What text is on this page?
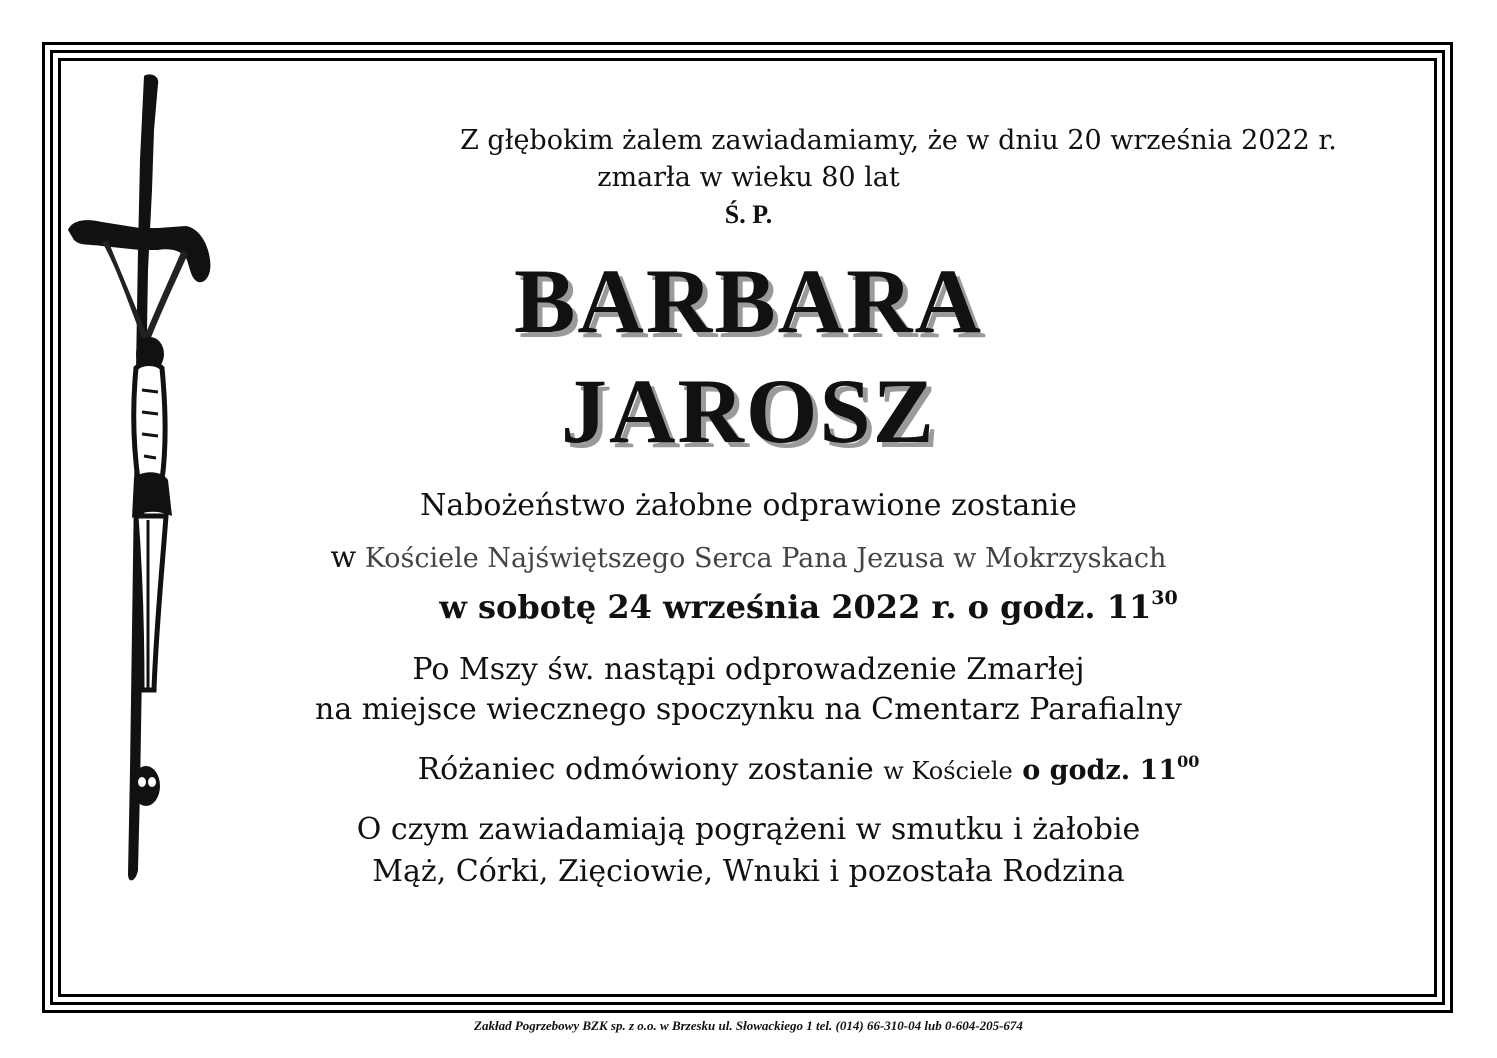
Z głębokim żalem zawiadamiamy, że w dniu 20 września 2022 r.
zmarła w wieku 80 lat
Ś. P.
BARBARA
JAROSZ
Nabożeństwo żałobne odprawione zostanie
w Kościele Najświętszego Serca Pana Jezusa w Mokrzyskach
w sobotę 24 września 2022 r. o godz. $11^{30}$
Po Mszy św. nastąpi odprowadzenie Zmarłej
na miejsce wiecznego spoczynku na Cmentarz Parafialny
Różaniec odmówiony zostanie w Kościele o godz. $11^{00}$
O czym zawiadamiają pogrążeni w smutku i żałobie
Mąż, Córki, Zięciowie, Wnuki i pozostała Rodzina
Zakład Pogrzebowy BZK sp. z o.o. w Brzesku ul. Słowackiego 1 tel. (014) 66-310-04 lub 0-604-205-674
